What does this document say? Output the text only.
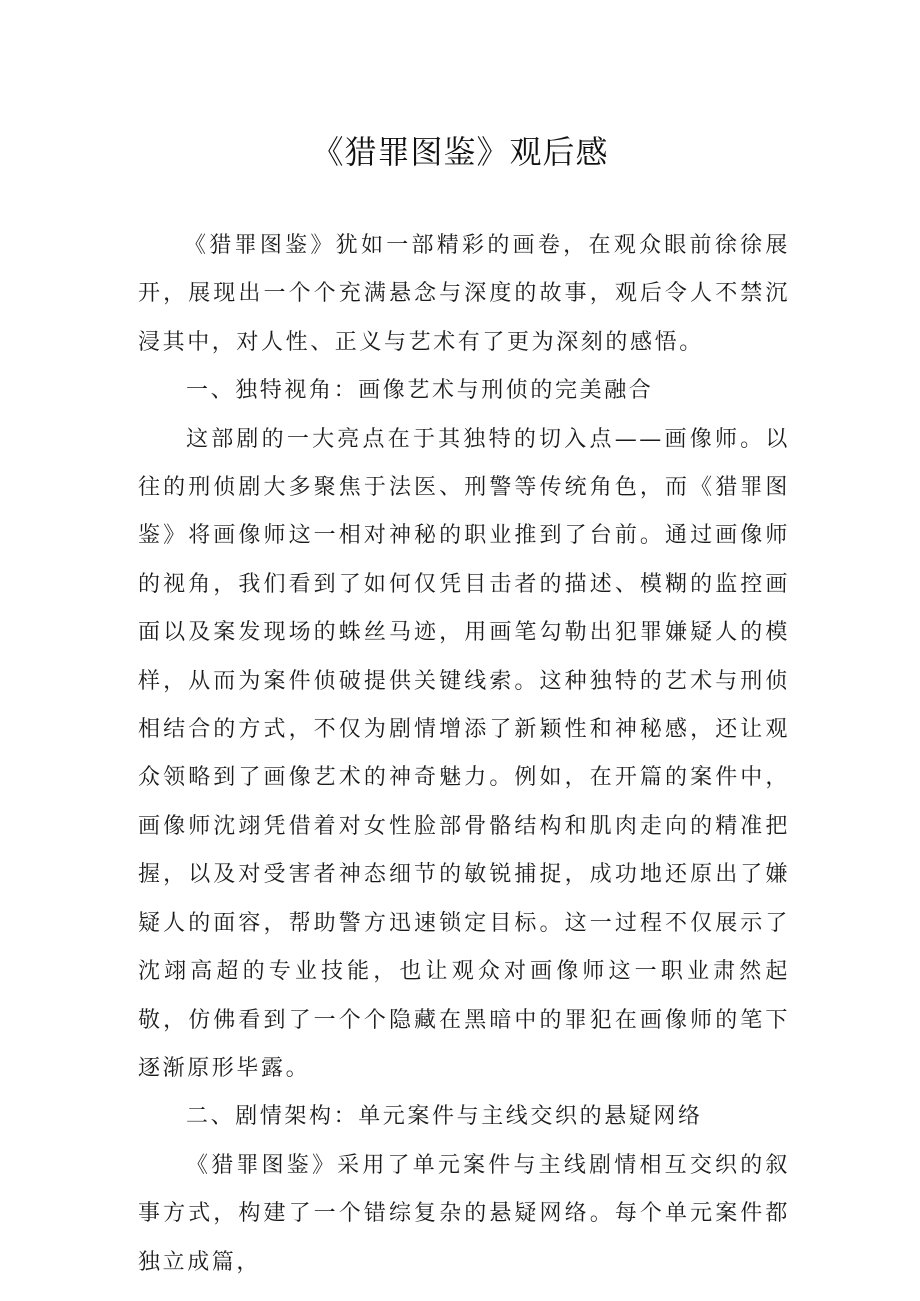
《猎罪图鉴》观后感

《猎罪图鉴》犹如一部精彩的画卷，在观众眼前徐徐展开，展现出一个个充满悬念与深度的故事，观后令人不禁沉浸其中，对人性、正义与艺术有了更为深刻的感悟。

一、独特视角：画像艺术与刑侦的完美融合

这部剧的一大亮点在于其独特的切入点——画像师。以往的刑侦剧大多聚焦于法医、刑警等传统角色，而《猎罪图鉴》将画像师这一相对神秘的职业推到了台前。通过画像师的视角，我们看到了如何仅凭目击者的描述、模糊的监控画面以及案发现场的蛛丝马迹，用画笔勾勒出犯罪嫌疑人的模样，从而为案件侦破提供关键线索。这种独特的艺术与刑侦相结合的方式，不仅为剧情增添了新颖性和神秘感，还让观众领略到了画像艺术的神奇魅力。例如，在开篇的案件中，画像师沈翊凭借着对女性脸部骨骼结构和肌肉走向的精准把握，以及对受害者神态细节的敏锐捕捉，成功地还原出了嫌疑人的面容，帮助警方迅速锁定目标。这一过程不仅展示了沈翊高超的专业技能，也让观众对画像师这一职业肃然起敬，仿佛看到了一个个隐藏在黑暗中的罪犯在画像师的笔下逐渐原形毕露。

二、剧情架构：单元案件与主线交织的悬疑网络

《猎罪图鉴》采用了单元案件与主线剧情相互交织的叙事方式，构建了一个错综复杂的悬疑网络。每个单元案件都独立成篇，
